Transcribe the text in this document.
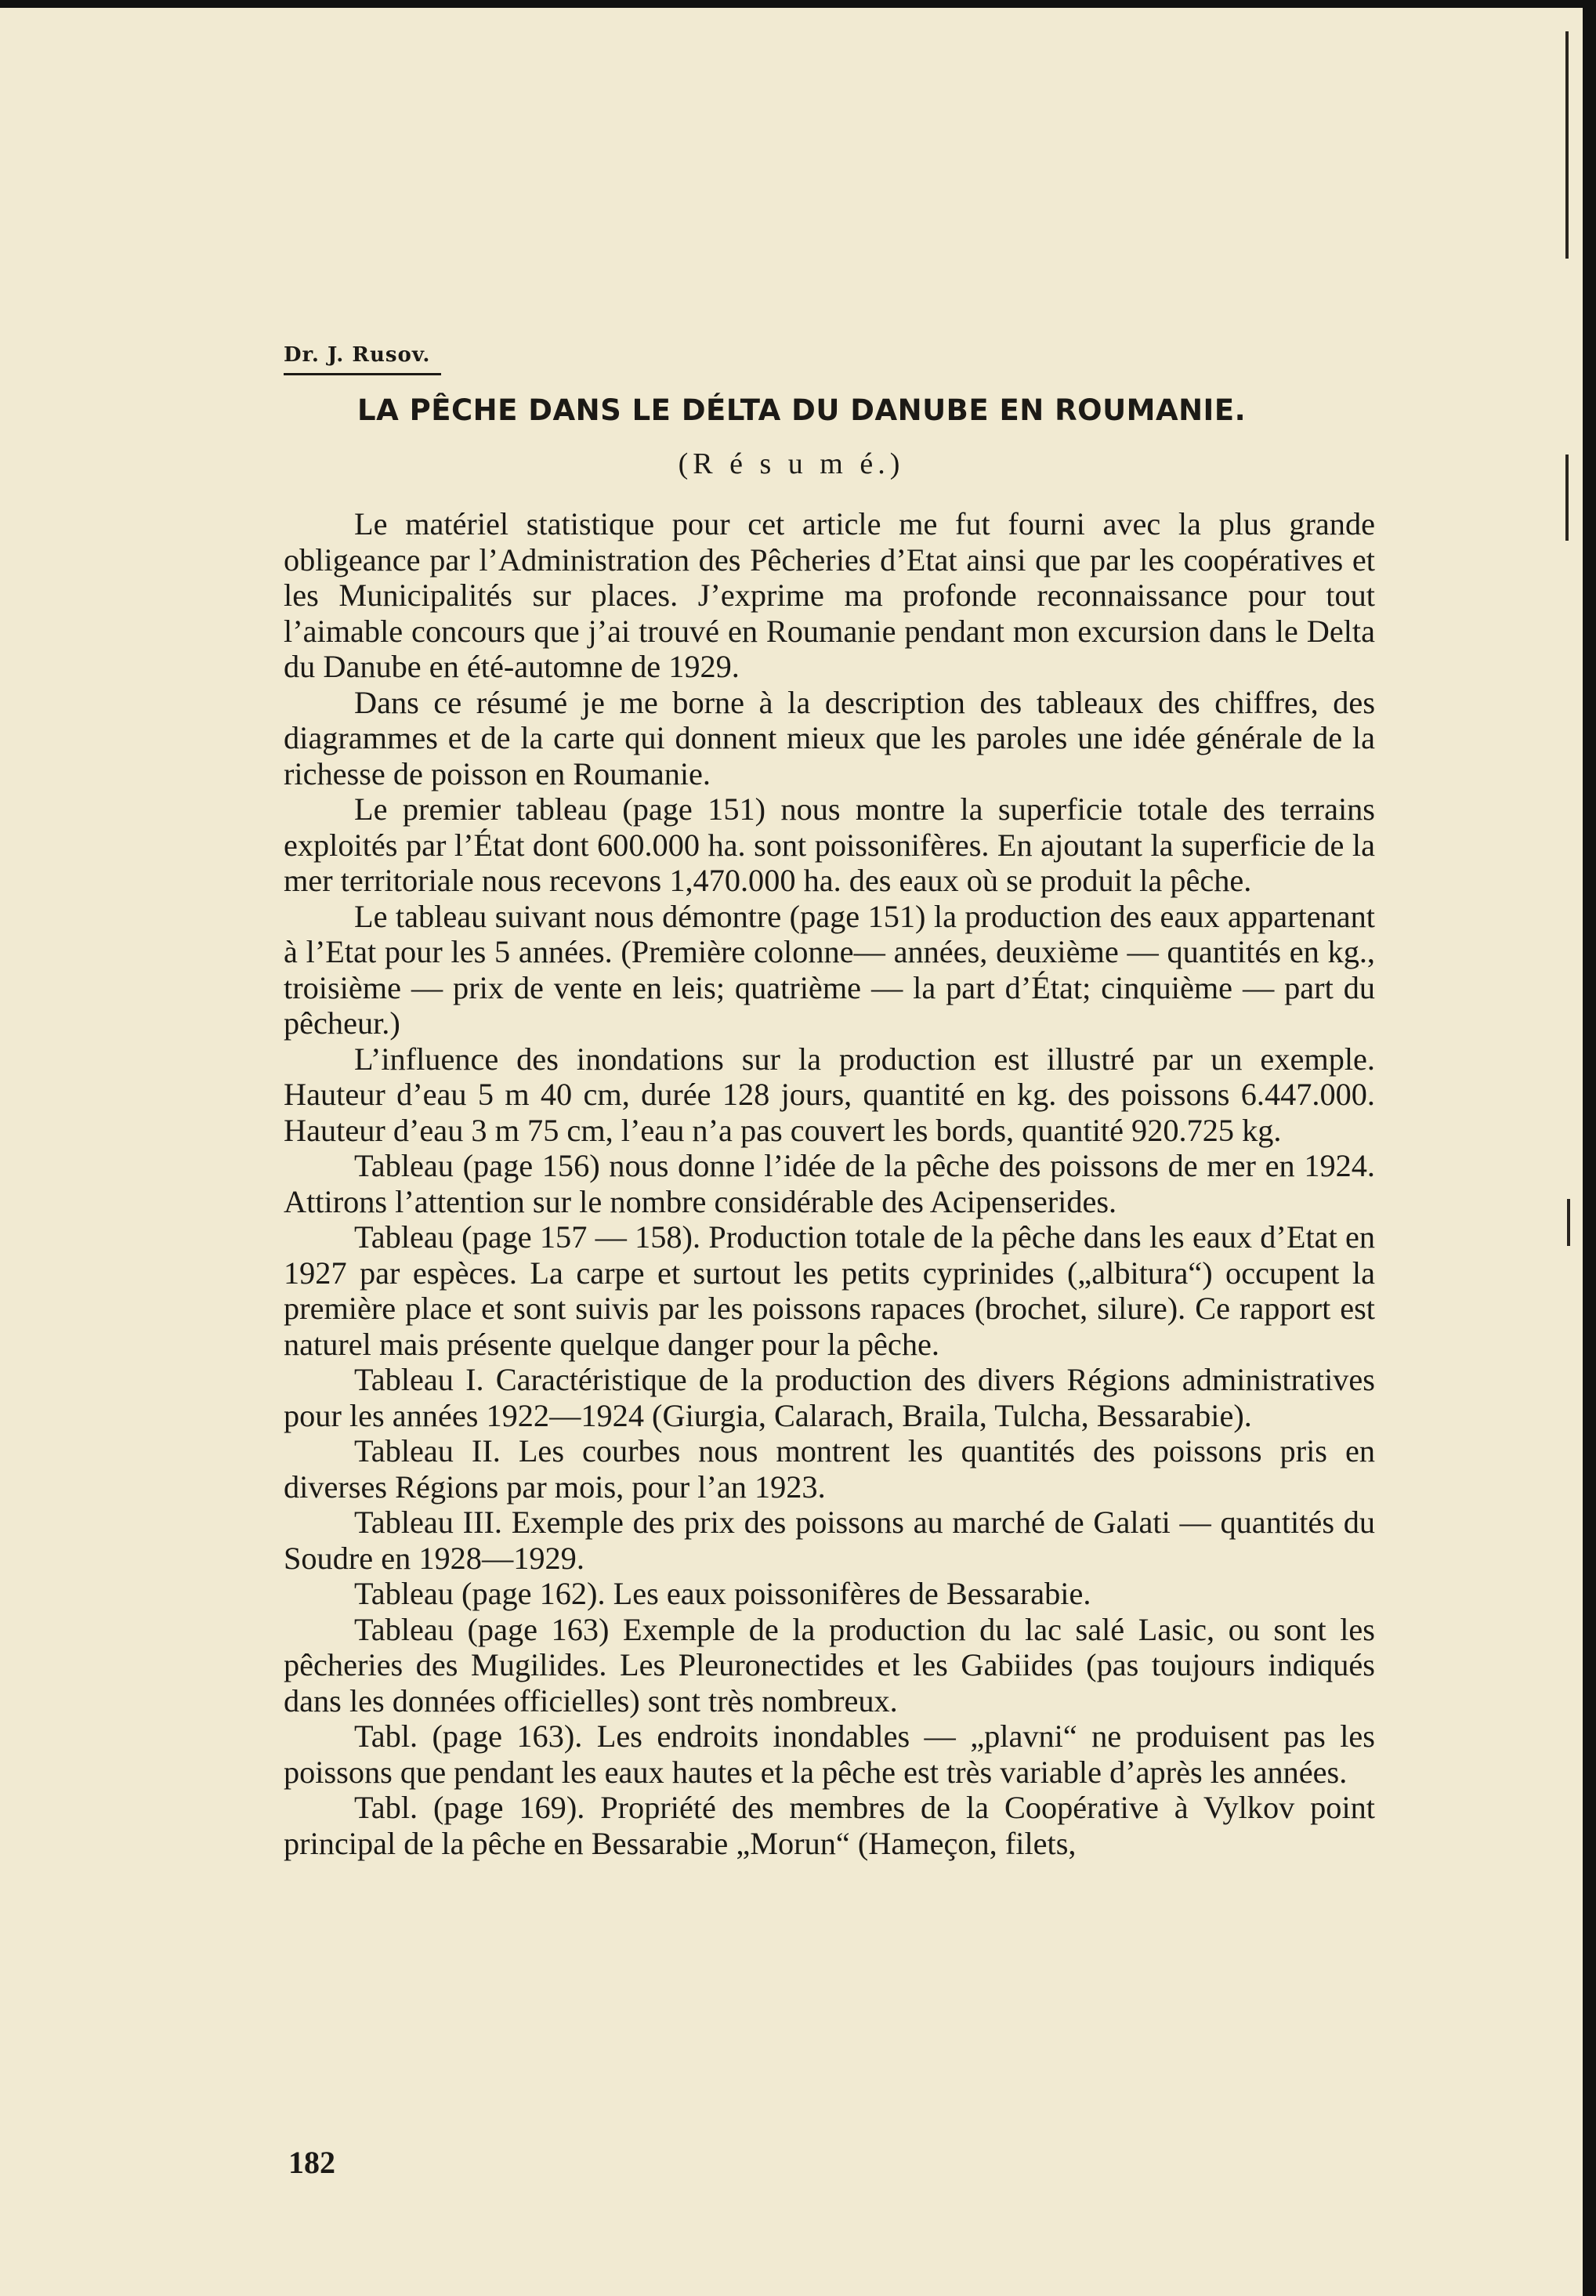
Dr. J. Rusov.
LA PÊCHE DANS LE DÉLTA DU DANUBE EN ROUMANIE.
(R é s u m é.)

Le matériel statistique pour cet article me fut fourni avec la plus grande obligeance par l’Administration des Pêcheries d’Etat ainsi que par les coopératives et les Municipalités sur places. J’exprime ma profonde reconnaissance pour tout l’aimable concours que j’ai trouvé en Roumanie pendant mon excursion dans le Delta du Danube en été-automne de 1929.

Dans ce résumé je me borne à la description des tableaux des chiffres, des diagrammes et de la carte qui donnent mieux que les paroles une idée générale de la richesse de poisson en Roumanie.

Le premier tableau (page 151) nous montre la superficie totale des terrains exploités par l’État dont 600.000 ha. sont poissonifères. En ajoutant la superficie de la mer territoriale nous recevons 1,470.000 ha. des eaux où se produit la pêche.

Le tableau suivant nous démontre (page 151) la production des eaux appartenant à l’Etat pour les 5 années. (Première colonne— années, deuxième — quantités en kg., troisième — prix de vente en leis; quatrième — la part d’État; cinquième — part du pêcheur.)

L’influence des inondations sur la production est illustré par un exemple. Hauteur d’eau 5 m 40 cm, durée 128 jours, quantité en kg. des poissons 6.447.000. Hauteur d’eau 3 m 75 cm, l’eau n’a pas couvert les bords, quantité 920.725 kg.

Tableau (page 156) nous donne l’idée de la pêche des poissons de mer en 1924. Attirons l’attention sur le nombre considérable des Acipenserides.

Tableau (page 157 — 158). Production totale de la pêche dans les eaux d’Etat en 1927 par espèces. La carpe et surtout les petits cyprinides („albitura“) occupent la première place et sont suivis par les poissons rapaces (brochet, silure). Ce rapport est naturel mais présente quelque danger pour la pêche.

Tableau I. Caractéristique de la production des divers Régions administratives pour les années 1922—1924 (Giurgia, Calarach, Braila, Tulcha, Bessarabie).

Tableau II. Les courbes nous montrent les quantités des poissons pris en diverses Régions par mois, pour l’an 1923.

Tableau III. Exemple des prix des poissons au marché de Galati — quantités du Soudre en 1928—1929.

Tableau (page 162). Les eaux poissonifères de Bessarabie.

Tableau (page 163) Exemple de la production du lac salé Lasic, ou sont les pêcheries des Mugilides. Les Pleuronectides et les Gabiides (pas toujours indiqués dans les données officielles) sont très nombreux.

Tabl. (page 163). Les endroits inondables — „plavni“ ne produisent pas les poissons que pendant les eaux hautes et la pêche est très variable d’après les années.

Tabl. (page 169). Propriété des membres de la Coopérative à Vylkov point principal de la pêche en Bessarabie „Morun“ (Hameçon, filets,

182
